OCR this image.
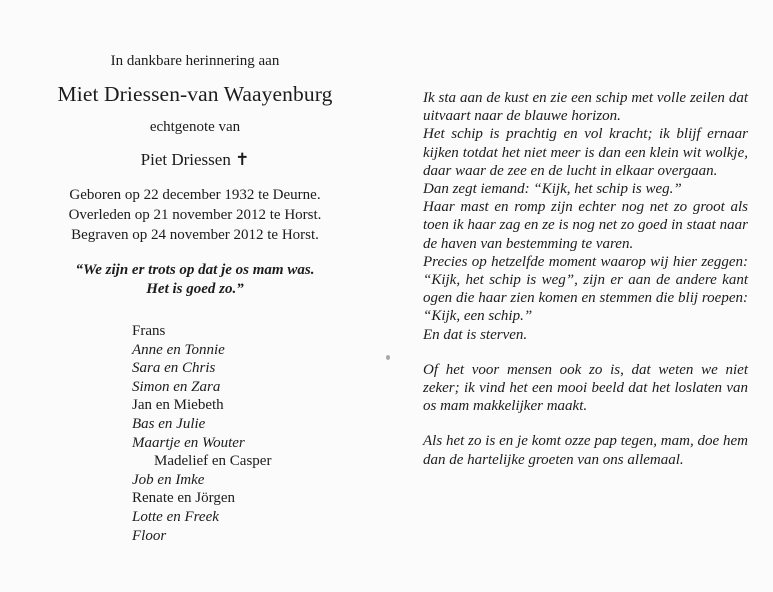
In dankbare herinnering aan
Miet Driessen-van Waayenburg
echtgenote van
Piet Driessen ✝
Geboren op 22 december 1932 te Deurne.
Overleden op 21 november 2012 te Horst.
Begraven op 24 november 2012 te Horst.
“We zijn er trots op dat je os mam was.
Het is goed zo.”
Frans
Anne en Tonnie
Sara en Chris
Simon en Zara
Jan en Miebeth
Bas en Julie
Maartje en Wouter
Madelief en Casper
Job en Imke
Renate en Jörgen
Lotte en Freek
Floor

Ik sta aan de kust en zie een schip met volle zeilen dat uitvaart naar de blauwe horizon.

Het schip is prachtig en vol kracht; ik blijf ernaar kijken totdat het niet meer is dan een klein wit wolkje, daar waar de zee en de lucht in elkaar overgaan.

Dan zegt iemand: “Kijk, het schip is weg.”

Haar mast en romp zijn echter nog net zo groot als toen ik haar zag en ze is nog net zo goed in staat naar de haven van bestemming te varen.

Precies op hetzelfde moment waarop wij hier zeggen: “Kijk, het schip is weg”, zijn er aan de andere kant ogen die haar zien komen en stemmen die blij roepen: “Kijk, een schip.”

En dat is sterven.

Of het voor mensen ook zo is, dat weten we niet zeker; ik vind het een mooi beeld dat het loslaten van os mam makkelijker maakt.

Als het zo is en je komt ozze pap tegen, mam, doe hem dan de hartelijke groeten van ons allemaal.
